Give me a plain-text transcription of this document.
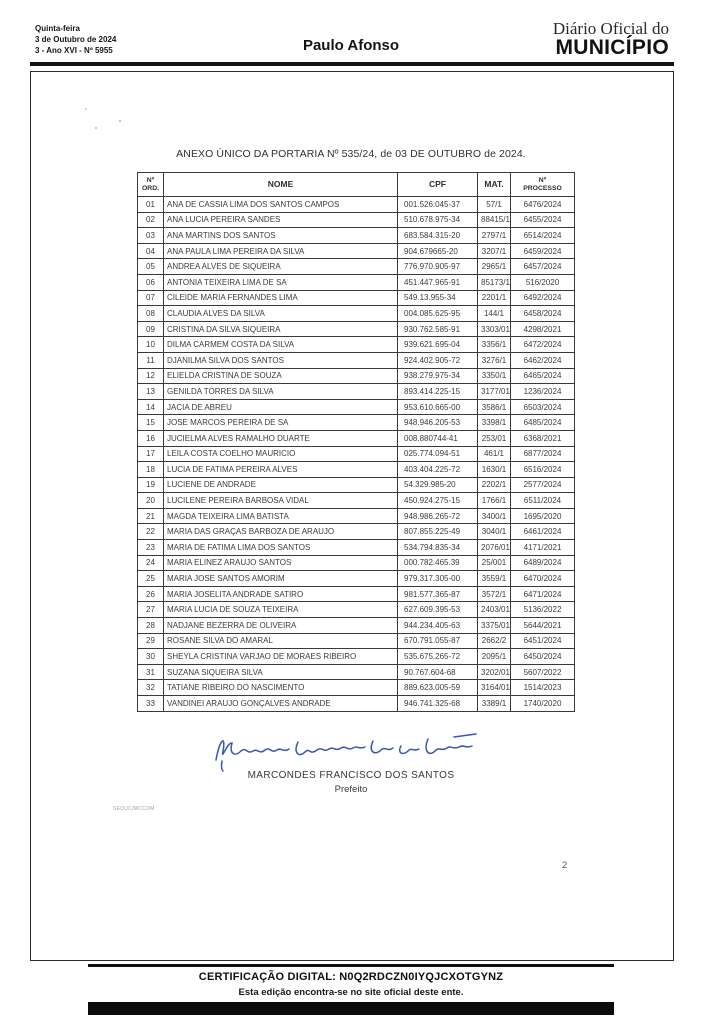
Quinta-feira
3 de Outubro de 2024
3 - Ano XVI - Nº 5955	Paulo Afonso
Diário Oficial do
MUNICÍPIO
ANEXO ÚNICO DA PORTARIA Nº 535/24, de 03 DE OUTUBRO de 2024.
Nº
ORD.	NOME	CPF	MAT.	Nº
PROCESSO
01	ANA DE CASSIA LIMA DOS SANTOS CAMPOS	001.526.045-37	57/1	6476/2024
02	ANA LUCIA PEREIRA SANDES	510.678.975-34	88415/1	6455/2024
03	ANA MARTINS DOS SANTOS	683.584.315-20	2797/1	6514/2024
04	ANA PAULA LIMA PEREIRA DA SILVA	904.679665-20	3207/1	6459/2024
05	ANDREA ALVES DE SIQUEIRA	776.970.905-97	2965/1	6457/2024
06	ANTONIA TEIXEIRA LIMA DE SA	451.447.965-91	85173/1	516/2020
07	CILEIDE MARIA FERNANDES LIMA	549.13.955-34	2201/1	6492/2024
08	CLAUDIA ALVES DA SILVA	004.085.625-95	144/1	6458/2024
09	CRISTINA DA SILVA SIQUEIRA	930.762.585-91	3303/01	4298/2021
10	DILMA CARMEM COSTA DA SILVA	939.621.695-04	3356/1	6472/2024
11	DJANILMA SILVA DOS SANTOS	924.402.905-72	3276/1	6462/2024
12	ELIELDA CRISTINA DE SOUZA	938.279.975-34	3350/1	6465/2024
13	GENILDA TORRES DA SILVA	893.414.225-15	3177/01	1236/2024
14	JACIA DE ABREU	953.610.665-00	3586/1	6503/2024
15	JOSE MARCOS PEREIRA DE SA	948.946.205-53	3398/1	6485/2024
16	JUCIELMA ALVES RAMALHO DUARTE	008.880744-41	253/01	6368/2021
17	LEILA COSTA COELHO MAURICIO	025.774.094-51	461/1	6877/2024
18	LUCIA DE FATIMA PEREIRA ALVES	403.404.225-72	1630/1	6516/2024
19	LUCIENE DE ANDRADE	54.329.985-20	2202/1	2577/2024
20	LUCILENE PEREIRA BARBOSA VIDAL	450.924.275-15	1766/1	6511/2024
21	MAGDA TEIXEIRA LIMA BATISTA	948.986.265-72	3400/1	1695/2020
22	MARIA DAS GRAÇAS BARBOZA DE ARAUJO	807.855.225-49	3040/1	6461/2024
23	MARIA DE FATIMA LIMA DOS SANTOS	534.794.835-34	2076/01	4171/2021
24	MARIA ELINEZ ARAUJO SANTOS	000.782.465.39	25/001	6489/2024
25	MARIA JOSE SANTOS AMORIM	979.317.305-00	3559/1	6470/2024
26	MARIA JOSELITA ANDRADE SATIRO	981.577.365-87	3572/1	6471/2024
27	MARIA LUCIA DE SOUZA TEIXEIRA	627.609.395-53	2403/01	5136/2022
28	NADJANE BEZERRA DE OLIVEIRA	944.234.405-63	3375/01	5644/2021
29	ROSANE SILVA DO AMARAL	670.791.055-87	2662/2	6451/2024
30	SHEYLA CRISTINA VARJAO DE MORAES RIBEIRO	535.675.265-72	2095/1	6450/2024
31	SUZANA SIQUEIRA SILVA	90.767.604-68	3202/01	5607/2022
32	TATIANE RIBEIRO DO NASCIMENTO	889.623.005-59	3164/01	1514/2023
33	VANDINEI ARAUJO GONÇALVES ANDRADE	946.741.325-68	3389/1	1740/2020
MARCONDES FRANCISCO DOS SANTOS
Prefeito
SEDUC/MCCOM
2
CERTIFICAÇÃO DIGITAL: N0Q2RDCZN0IYQJCXOTGYNZ
Esta edição encontra-se no site oficial deste ente.
